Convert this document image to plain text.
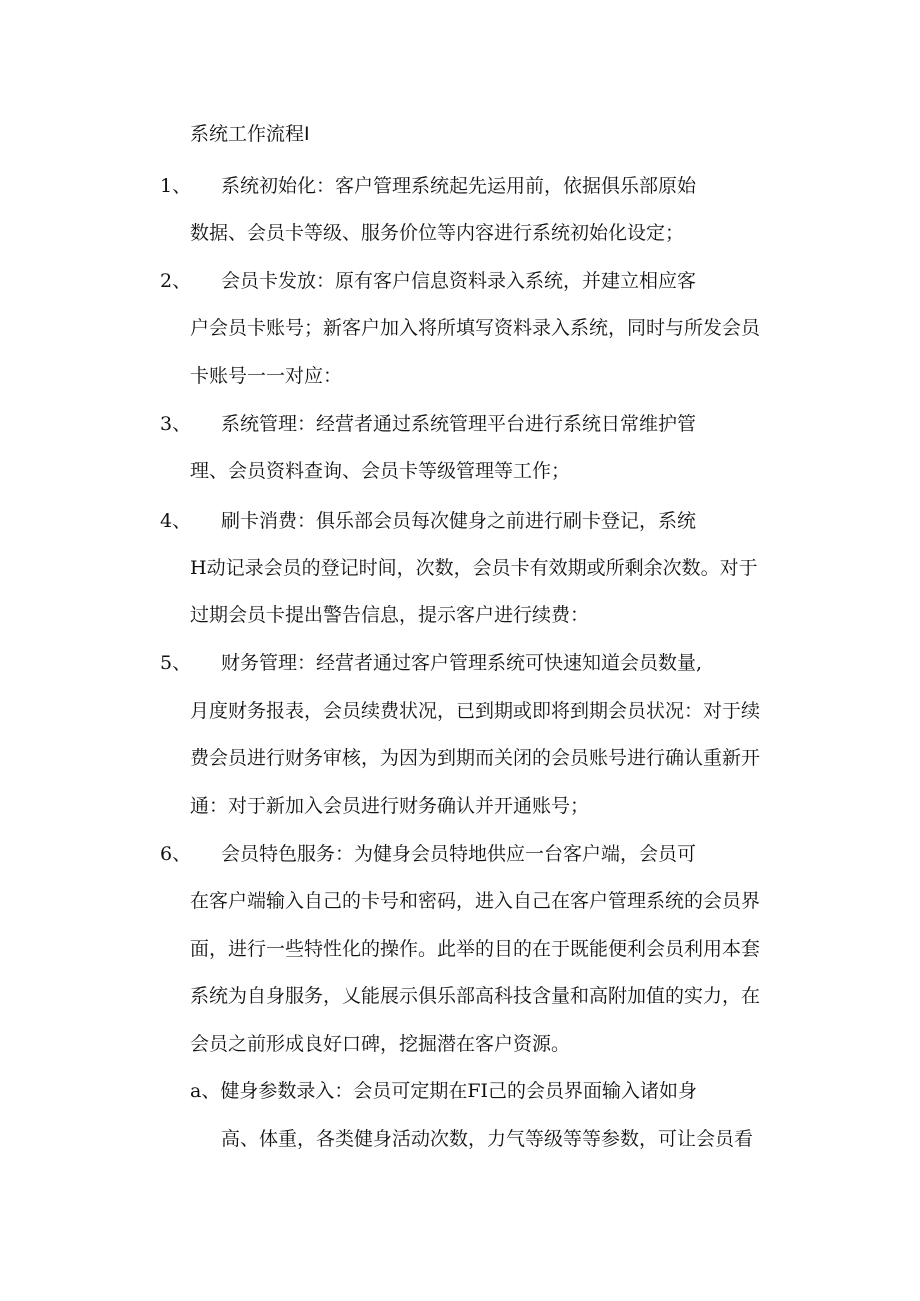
系统工作流程I
1、 系统初始化：客户管理系统起先运用前，依据俱乐部原始
数据、会员卡等级、服务价位等内容进行系统初始化设定；
2、 会员卡发放：原有客户信息资料录入系统，并建立相应客
户会员卡账号；新客户加入将所填写资料录入系统，同时与所发会员
卡账号一一对应：
3、 系统管理：经营者通过系统管理平台进行系统日常维护管
理、会员资料查询、会员卡等级管理等工作；
4、 刷卡消费：俱乐部会员每次健身之前进行刷卡登记，系统
H动记录会员的登记时间，次数，会员卡有效期或所剩余次数。对于
过期会员卡提出警告信息，提示客户进行续费：
5、 财务管理：经营者通过客户管理系统可快速知道会员数量,
月度财务报表，会员续费状况，已到期或即将到期会员状况：对于续
费会员进行财务审核，为因为到期而关闭的会员账号进行确认重新开
通：对于新加入会员进行财务确认并开通账号；
6、 会员特色服务：为健身会员特地供应一台客户端，会员可
在客户端输入自己的卡号和密码，进入自己在客户管理系统的会员界
面，进行一些特性化的操作。此举的目的在于既能便利会员利用本套
系统为自身服务，乂能展示俱乐部高科技含量和高附加值的实力，在
会员之前形成良好口碑，挖掘潜在客户资源。
a、健身参数录入：会员可定期在FI己的会员界面输入诸如身
高、体重，各类健身活动次数，力气等级等等参数，可让会员看
